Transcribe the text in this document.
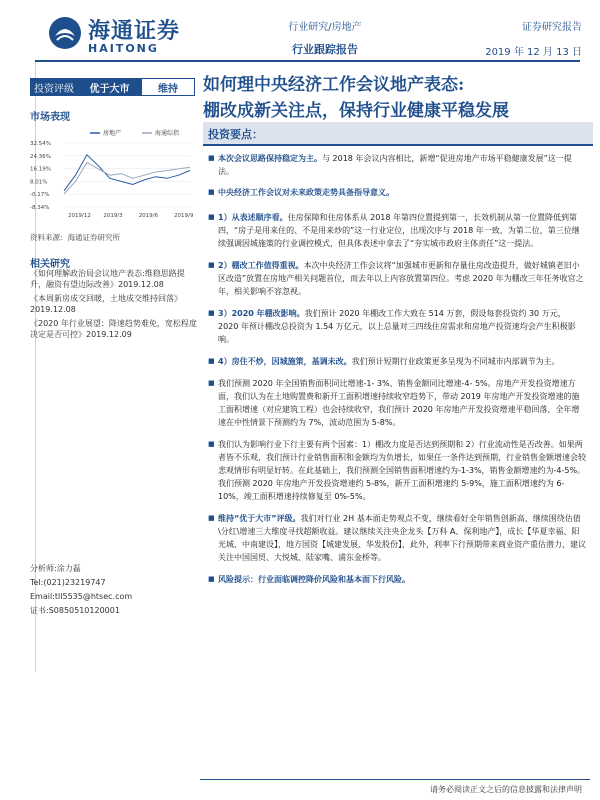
海通证券
HAITONG
行业研究/房地产
行业跟踪报告
证券研究报告
2019 年 12 月 13 日
投资评级	优于大市	维持	如何理中央经济工作会议地产表态:
棚改成新关注点，保持行业健康平稳发展
市场表现
房地产	海通综指
32.54%
24.36%
16.19%
8.01%
-0.17%
-8.34%
2019/12 2019/3	2019/6	2019/9
资料来源：海通证券研究所
相关研究

《如何理解政治局会议地产表态:维稳思路提升，融资有望边际改善》2019.12.08

《本周新房成交回暖，土地成交维持回落》2019.12.08

《2020 年行业展望：降速趋势难免，宽松程度决定是否可控》2019.12.09

分析师:涂力磊
Tel:(021)23219747
Email:tll5535@htsec.com
证书:S0850510120001
投资要点：
■ 本次会议思路保持稳定为主。与 2018 年会议内容相比，新增“促进房地产市场平稳健康发展”这一提法。
■ 中央经济工作会议对未来政策走势具备指导意义。
■ 1）从表述顺序看。住房保障和住房体系从 2018 年第四位置提到第一，长效机制从第一位置降低到第四，“房子是用来住的、不是用来炒的”这一行业定位，出现次序与 2018 年一致、为第二位，第三位继续强调因城施策的行业调控模式，但具体表述中拿去了“夯实城市政府主体责任”这一提法。
■ 2）棚改工作值得重视。本次中央经济工作会议将“加强城市更新和存量住房改造提升，做好城镇老旧小区改造”放置在房地产相关问题首位，而去年以上内容放置第四位。考虑 2020 年为棚改三年任务收官之年，相关影响不容忽视。
■ 3）2020 年棚改影响。我们预计 2020 年棚改工作大致在 514 万套，假设每套投资约 30 万元，2020 年预计棚改总投资为 1.54 万亿元，以上总量对三四线住房需求和房地产投资速均会产生积极影响。
■ 4）房住不炒，因城施策，基调未改。我们预计短期行业政策更多呈现为不同城市内部调节为主。
■ 我们预测 2020 年全国销售面积同比增速-1- 3%、销售金额同比增速-4- 5%。房地产开发投资增速方面，我们认为在土地购置费和新开工面积增速持续收窄趋势下，带动 2019 年房地产开发投资增速的施工面积增速（对应建筑工程）也会持续收窄，我们预计 2020 年房地产开发投资增速平稳回落，全年增速在中性情景下预测约为 7%，波动范围为 5-8%。
■ 我们认为影响行业下行主要有两个因素：1）棚改力度是否达到预期和 2）行业流动性是否改善。如果两者皆不乐观，我们预计行业销售面积和金额均为负增长，如果任一条件达到预期，行业销售金额增速会较悲观情形有明显好转。在此基础上，我们预测全国销售面积增速约为-1-3%，销售金额增速约为-4-5%。我们预测 2020 年房地产开发投资增速约 5-8%，新开工面积增速约 5-9%，施工面积增速约为 6-10%，竣工面积增速持续修复至 0%-5%。
■ 维持“优于大市”评级。我们对行业 2H 基本面走势观点不变，继续看好全年销售创新高、继续围绕估值\分红\增速三大维度寻找超额收益。建议继续关注央企龙头【万科 A、保利地产】，成长【华夏幸福、阳光城、中南建设】，地方国资【城建发展、华发股份】，此外，利率下行预期带来商业资产重估潜力，建议关注中国国贸、大悦城、陆家嘴、浦东金桥等。
■ 风险提示：行业面临调控降价风险和基本面下行风险。
请务必阅读正文之后的信息披露和法律声明
